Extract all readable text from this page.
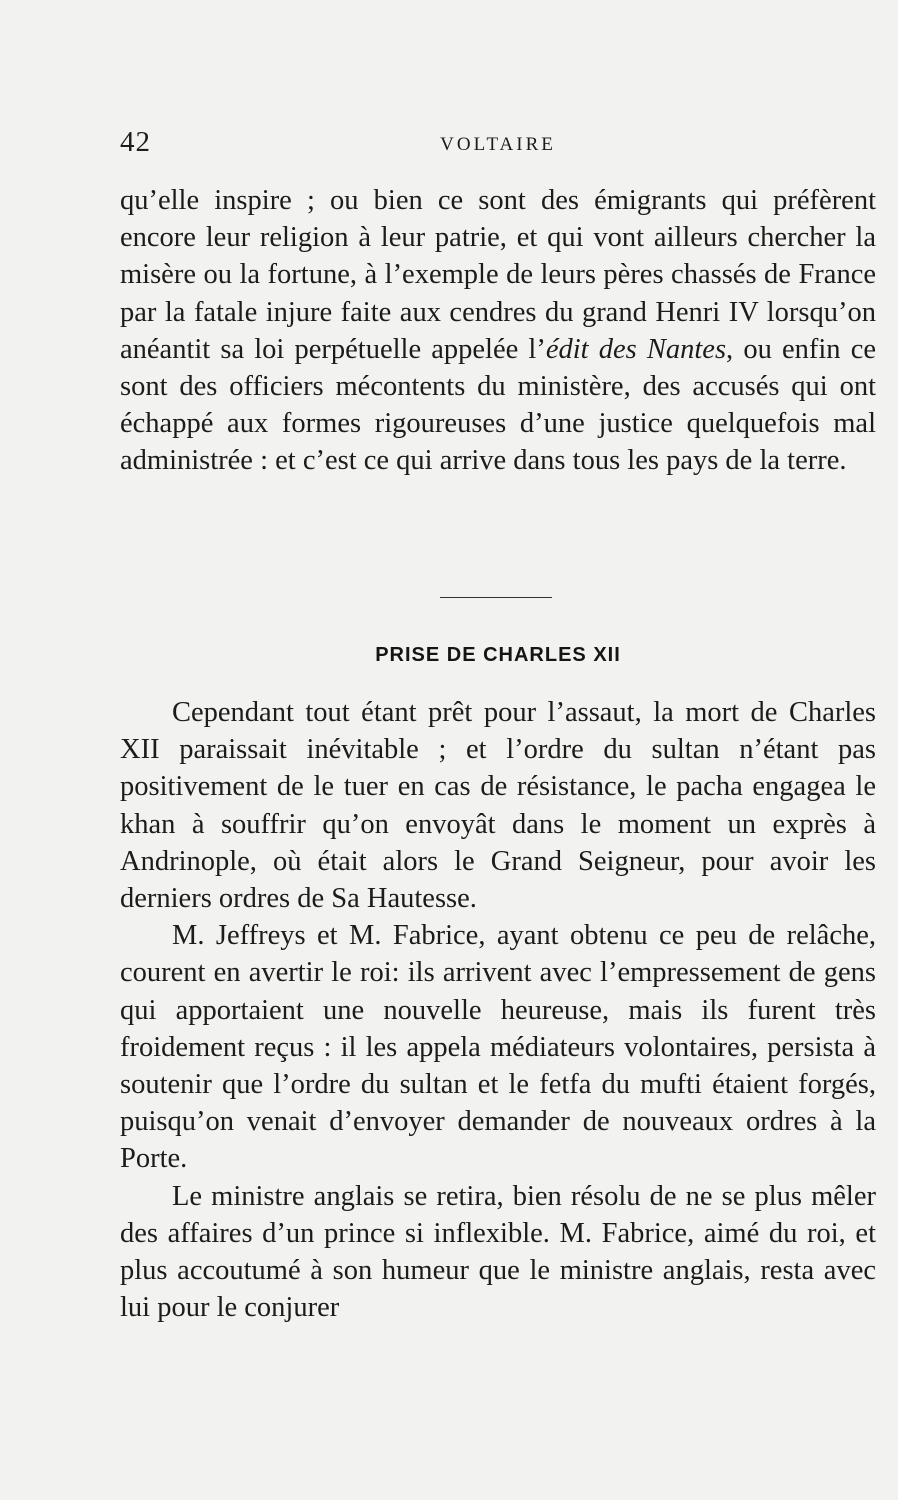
42	VOLTAIRE

qu’elle inspire ; ou bien ce sont des émigrants qui préfèrent encore leur religion à leur patrie, et qui vont ailleurs chercher la misère ou la fortune, à l’exemple de leurs pères chassés de France par la fatale injure faite aux cendres du grand Henri IV lorsqu’on anéantit sa loi perpétuelle appelée l’édit des Nantes, ou enfin ce sont des officiers mécontents du ministère, des accusés qui ont échappé aux formes rigoureuses d’une justice quelquefois mal administrée : et c’est ce qui arrive dans tous les pays de la terre.

PRISE DE CHARLES XII

Cependant tout étant prêt pour l’assaut, la mort de Charles XII paraissait inévitable ; et l’ordre du sultan n’étant pas positivement de le tuer en cas de résistance, le pacha engagea le khan à souffrir qu’on envoyât dans le moment un exprès à Andrinople, où était alors le Grand Seigneur, pour avoir les derniers ordres de Sa Hautesse.

M. Jeffreys et M. Fabrice, ayant obtenu ce peu de relâche, courent en avertir le roi: ils arrivent avec l’empressement de gens qui apportaient une nouvelle heureuse, mais ils furent très froidement reçus : il les appela médiateurs volontaires, persista à soutenir que l’ordre du sultan et le fetfa du mufti étaient forgés, puisqu’on venait d’envoyer demander de nouveaux ordres à la Porte.

Le ministre anglais se retira, bien résolu de ne se plus mêler des affaires d’un prince si inflexible. M. Fabrice, aimé du roi, et plus accoutumé à son humeur que le ministre anglais, resta avec lui pour le conjurer
